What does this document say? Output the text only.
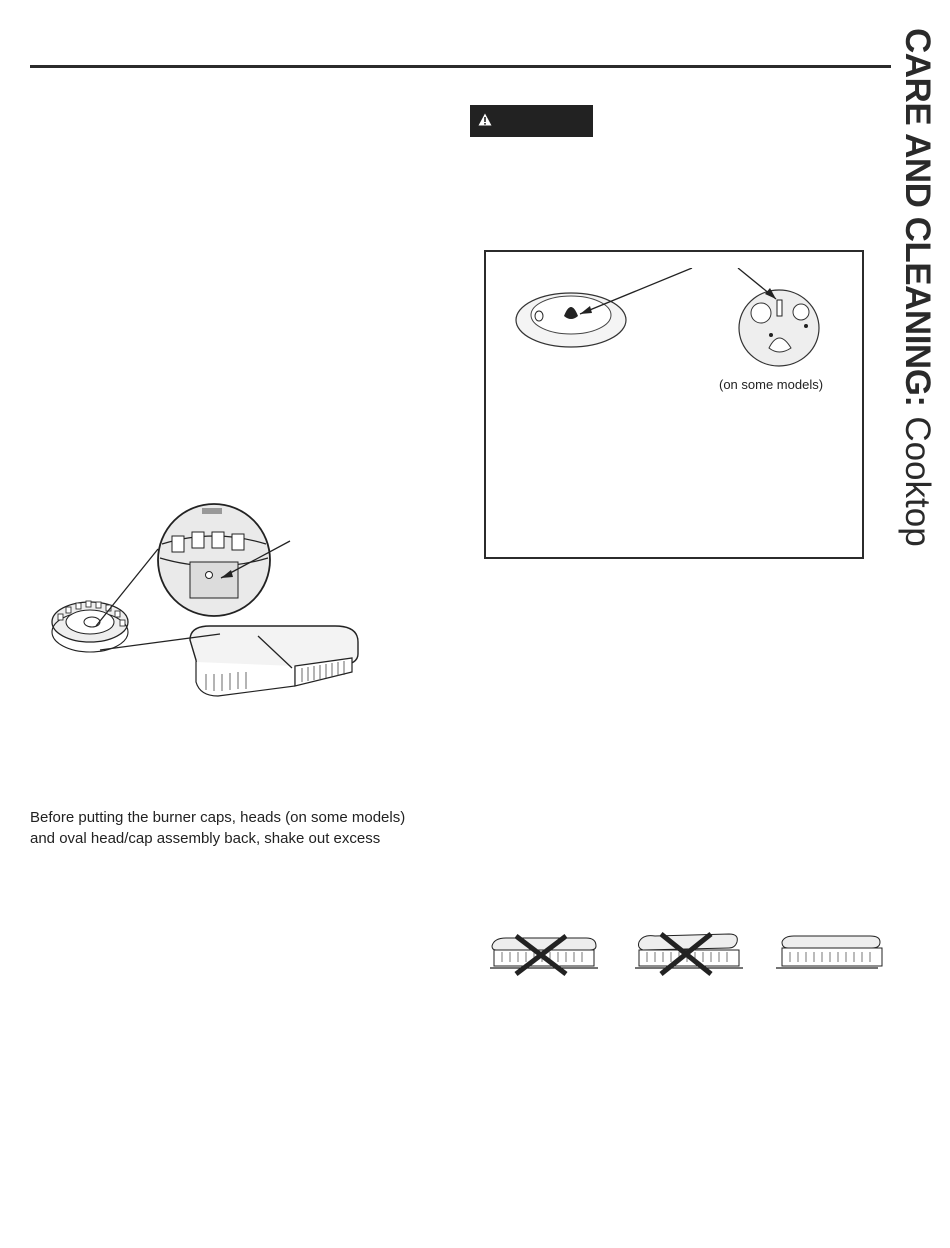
CARE AND CLEANING: Cooktop
(on some models)

Before putting the burner caps, heads (on some models)

and oval head/cap assembly back, shake out excess
